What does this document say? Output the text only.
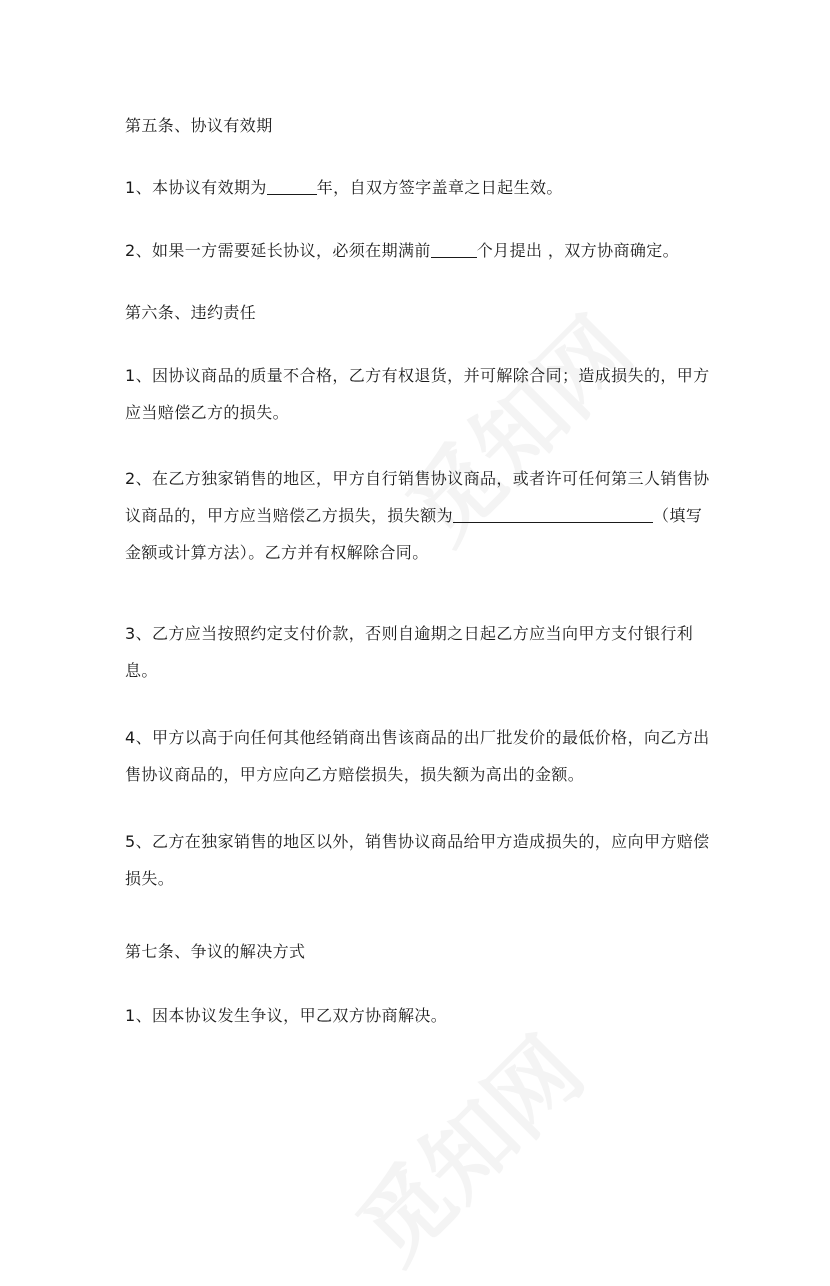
第五条、协议有效期

1、本协议有效期为	年，自双方签字盖章之日起生效。

2、如果一方需要延长协议，必须在期满前	个月提出 ，双方协商确定。

第六条、违约责任

1、因协议商品的质量不合格，乙方有权退货，并可解除合同；造成损失的，甲方应当赔偿乙方的损失。

2、在乙方独家销售的地区，甲方自行销售协议商品，或者许可任何第三人销售协议商品的，甲方应当赔偿乙方损失，损失额为	（填写金额或计算方法）。乙方并有权解除合同。

3、乙方应当按照约定支付价款，否则自逾期之日起乙方应当向甲方支付银行利息。

4、甲方以高于向任何其他经销商出售该商品的出厂批发价的最低价格，向乙方出售协议商品的，甲方应向乙方赔偿损失，损失额为高出的金额。

5、乙方在独家销售的地区以外，销售协议商品给甲方造成损失的，应向甲方赔偿损失。

第七条、争议的解决方式

1、因本协议发生争议，甲乙双方协商解决。
